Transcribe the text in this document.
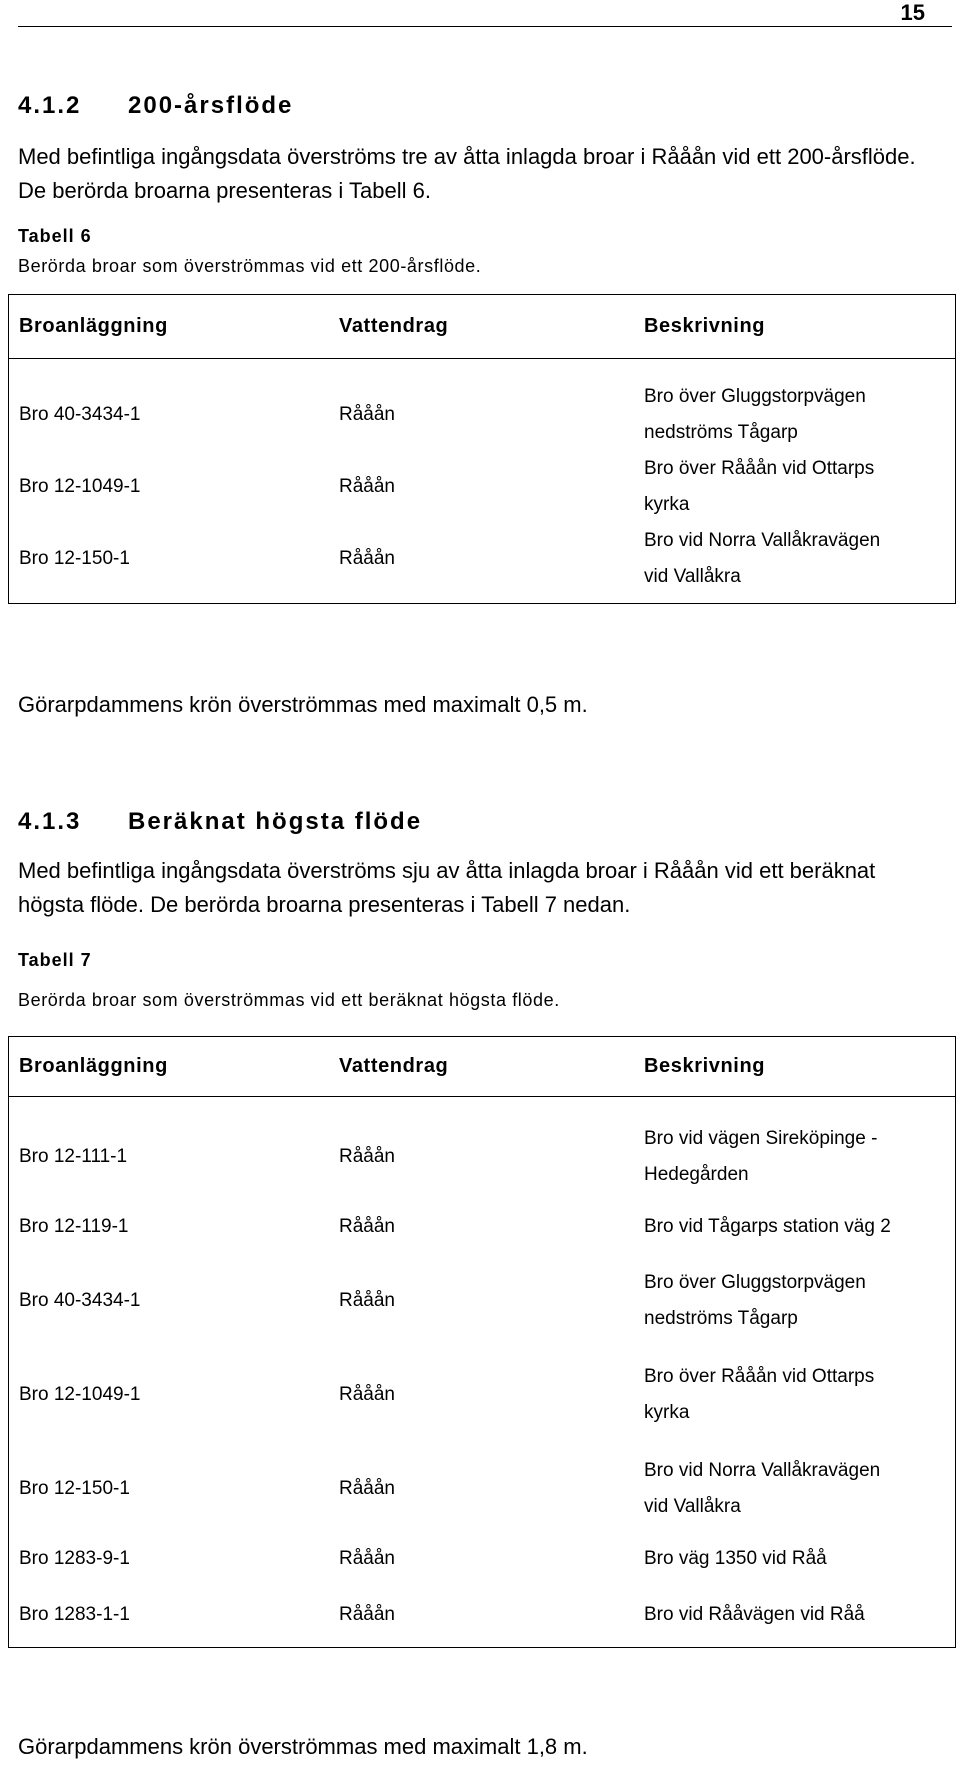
15
4.1.2 200-årsflöde
Med befintliga ingångsdata överströms tre av åtta inlagda broar i Rååån vid ett 200-årsflöde. De berörda broarna presenteras i Tabell 6.
Tabell 6
Berörda broar som överströmmas vid ett 200-årsflöde.
Broanläggning	Vattendrag	Beskrivning

Bro 40-3434-1	Rååån	Bro över Gluggstorpvägen
nedströms Tågarp

Bro 12-1049-1	Rååån	Bro över Rååån vid Ottarps
kyrka

Bro 12-150-1	Rååån	Bro vid Norra Vallåkravägen
vid Vallåkra

Görarpdammens krön överströmmas med maximalt 0,5 m.
4.1.3 Beräknat högsta flöde
Med befintliga ingångsdata överströms sju av åtta inlagda broar i Rååån vid ett beräknat högsta flöde. De berörda broarna presenteras i Tabell 7 nedan.
Tabell 7
Berörda broar som överströmmas vid ett beräknat högsta flöde.
Broanläggning	Vattendrag	Beskrivning

Bro 12-111-1	Rååån	Bro vid vägen Sireköpinge -
Hedegården

Bro 12-119-1	Rååån	Bro vid Tågarps station väg 2

Bro 40-3434-1	Rååån	Bro över Gluggstorpvägen
nedströms Tågarp

Bro 12-1049-1	Rååån	Bro över Rååån vid Ottarps
kyrka

Bro 12-150-1	Rååån	Bro vid Norra Vallåkravägen
vid Vallåkra

Bro 1283-9-1	Rååån	Bro väg 1350 vid Råå

Bro 1283-1-1	Rååån	Bro vid Rååvägen vid Råå

Görarpdammens krön överströmmas med maximalt 1,8 m.
